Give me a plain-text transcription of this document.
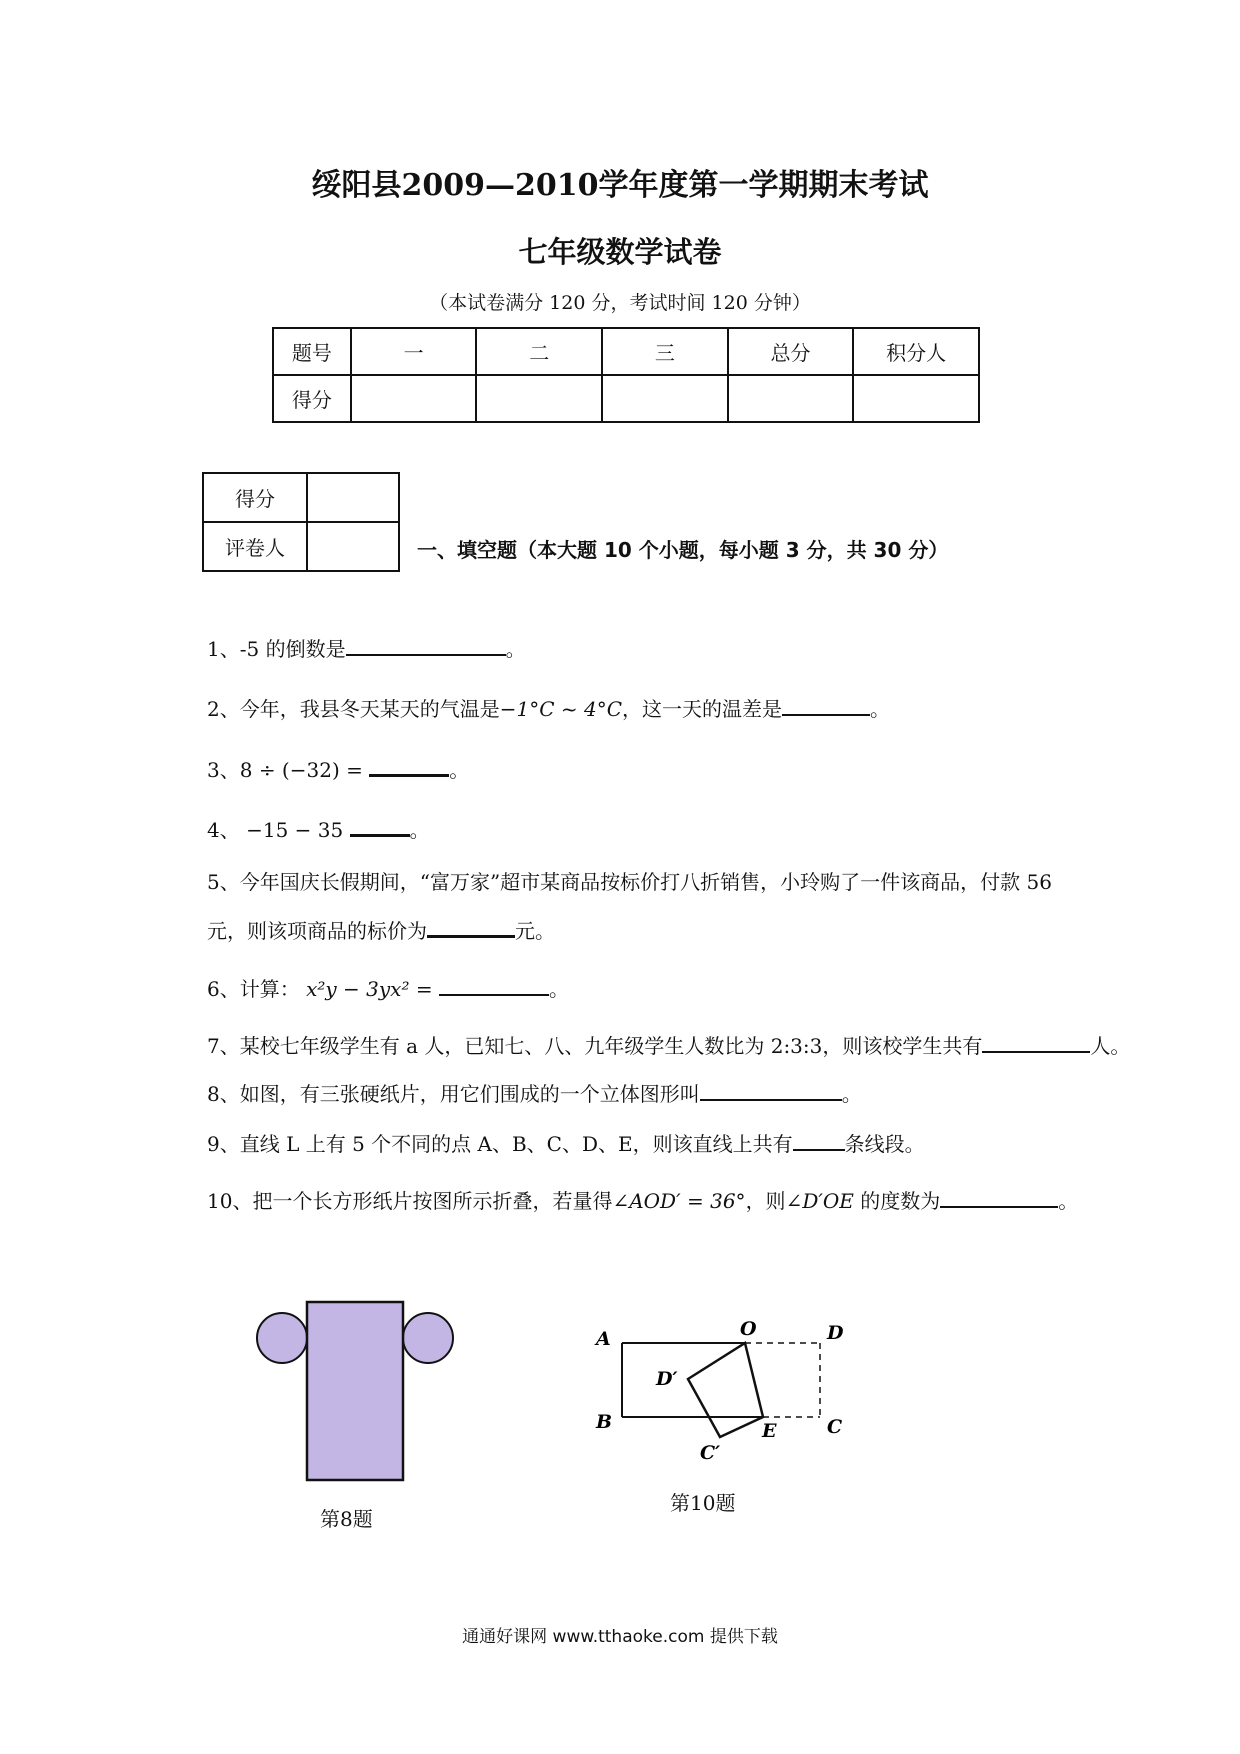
绥阳县2009—2010学年度第一学期期末考试
七年级数学试卷
（本试卷满分 120 分，考试时间 120 分钟）
题号	一	二	三	总分	积分人
得分					
得分	
评卷人		一、填空题（本大题 10 个小题，每小题 3 分，共 30 分）
1、-5 的倒数是	。
2、今年，我县冬天某天的气温是−1°C ~ 4°C，这一天的温差是	。
3、8 ÷ (−32) =	。
4、 −15 − 35	。
5、今年国庆长假期间，“富万家”超市某商品按标价打八折销售，小玲购了一件该商品，付款 56
元，则该项商品的标价为	元。
6、计算： x²y − 3yx² =	。
7、某校七年级学生有 a 人，已知七、八、九年级学生人数比为 2:3:3，则该校学生共有	人。
8、如图，有三张硬纸片，用它们围成的一个立体图形叫	。
9、直线 L 上有 5 个不同的点 A、B、C、D、E，则该直线上共有	条线段。
10、把一个长方形纸片按图所示折叠，若量得∠AOD′ = 36°，则∠D′OE 的度数为	。
第8题
A
B
O	D
C
E
D′
C′
第10题
通通好课网 www.tthaoke.com 提供下载
